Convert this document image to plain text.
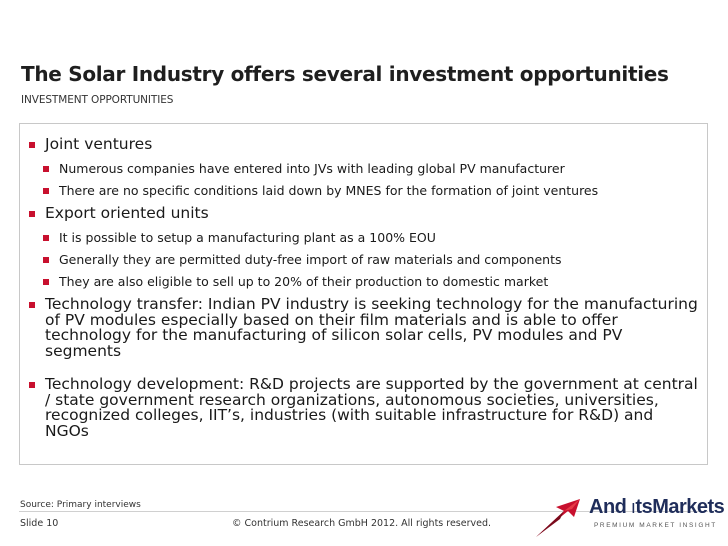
The Solar Industry offers several investment opportunities
INVESTMENT OPPORTUNITIES
Joint ventures
Numerous companies have entered into JVs with leading global PV manufacturer
There are no specific conditions laid down by MNES for the formation of joint ventures
Export oriented units
It is possible to setup a manufacturing plant as a 100% EOU
Generally they are permitted duty-free import of raw materials and components
They are also eligible to sell up to 20% of their production to domestic market
Technology transfer: Indian PV industry is seeking technology for the manufacturing of PV modules especially based on their film materials and is able to offer technology for the manufacturing of silicon solar cells, PV modules and PV segments
Technology development: R&D projects are supported by the government at central / state government research organizations, autonomous societies, universities, recognized colleges, IIT’s, industries (with suitable infrastructure for R&D) and NGOs
Source: Primary interviews
Slide 10	© Contrium Research GmbH 2012. All rights reserved.
And ıtsMarkets
PREMIUM MARKET INSIGHT
